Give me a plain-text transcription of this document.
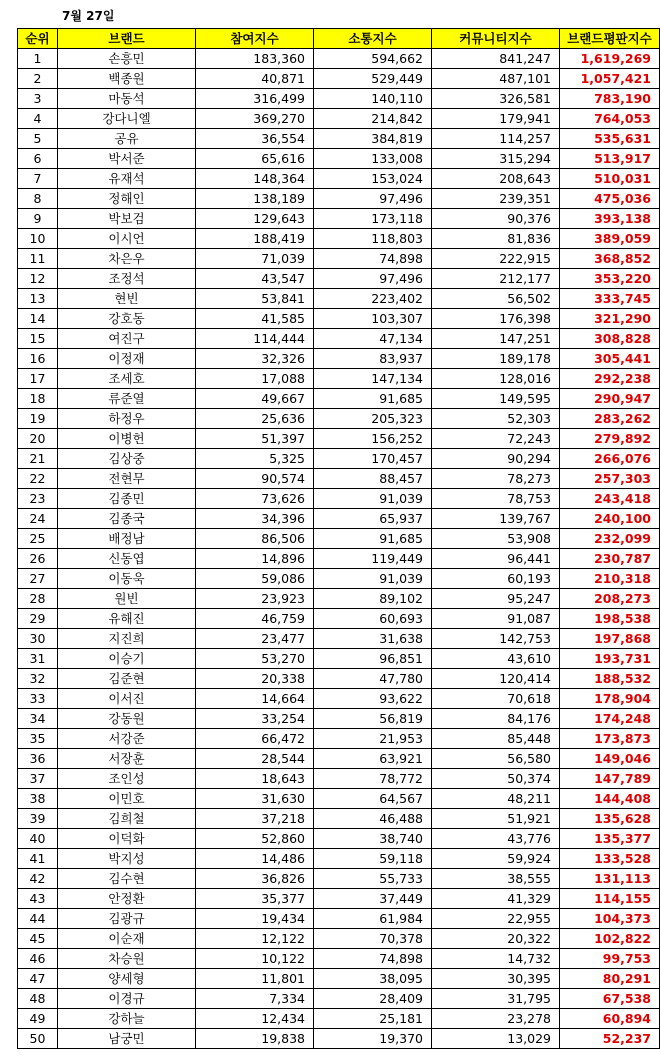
7월 27일
순위	브랜드	참여지수	소통지수	커뮤니티지수	브랜드평판지수
1	손흥민	183,360	594,662	841,247	1,619,269
2	백종원	40,871	529,449	487,101	1,057,421
3	마동석	316,499	140,110	326,581	783,190
4	강다니엘	369,270	214,842	179,941	764,053
5	공유	36,554	384,819	114,257	535,631
6	박서준	65,616	133,008	315,294	513,917
7	유재석	148,364	153,024	208,643	510,031
8	정해인	138,189	97,496	239,351	475,036
9	박보검	129,643	173,118	90,376	393,138
10	이시언	188,419	118,803	81,836	389,059
11	차은우	71,039	74,898	222,915	368,852
12	조정석	43,547	97,496	212,177	353,220
13	현빈	53,841	223,402	56,502	333,745
14	강호동	41,585	103,307	176,398	321,290
15	여진구	114,444	47,134	147,251	308,828
16	이정재	32,326	83,937	189,178	305,441
17	조세호	17,088	147,134	128,016	292,238
18	류준열	49,667	91,685	149,595	290,947
19	하정우	25,636	205,323	52,303	283,262
20	이병헌	51,397	156,252	72,243	279,892
21	김상중	5,325	170,457	90,294	266,076
22	전현무	90,574	88,457	78,273	257,303
23	김종민	73,626	91,039	78,753	243,418
24	김종국	34,396	65,937	139,767	240,100
25	배정남	86,506	91,685	53,908	232,099
26	신동엽	14,896	119,449	96,441	230,787
27	이동욱	59,086	91,039	60,193	210,318
28	원빈	23,923	89,102	95,247	208,273
29	유해진	46,759	60,693	91,087	198,538
30	지진희	23,477	31,638	142,753	197,868
31	이승기	53,270	96,851	43,610	193,731
32	김준현	20,338	47,780	120,414	188,532
33	이서진	14,664	93,622	70,618	178,904
34	강동원	33,254	56,819	84,176	174,248
35	서강준	66,472	21,953	85,448	173,873
36	서장훈	28,544	63,921	56,580	149,046
37	조인성	18,643	78,772	50,374	147,789
38	이민호	31,630	64,567	48,211	144,408
39	김희철	37,218	46,488	51,921	135,628
40	이덕화	52,860	38,740	43,776	135,377
41	박지성	14,486	59,118	59,924	133,528
42	김수현	36,826	55,733	38,555	131,113
43	안정환	35,377	37,449	41,329	114,155
44	김광규	19,434	61,984	22,955	104,373
45	이순재	12,122	70,378	20,322	102,822
46	차승원	10,122	74,898	14,732	99,753
47	양세형	11,801	38,095	30,395	80,291
48	이경규	7,334	28,409	31,795	67,538
49	강하늘	12,434	25,181	23,278	60,894
50	남궁민	19,838	19,370	13,029	52,237
